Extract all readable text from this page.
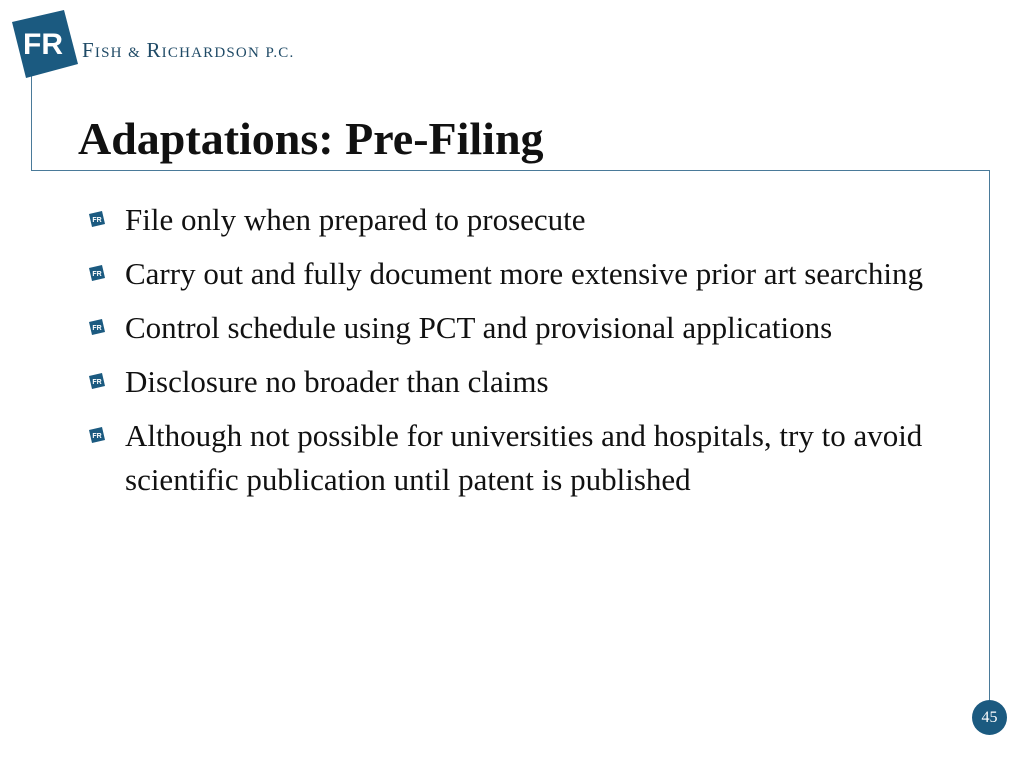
FR FISH & RICHARDSON P.C.
Adaptations: Pre-Filing
FR File only when prepared to prosecute
FR Carry out and fully document more extensive prior art searching
FR Control schedule using PCT and provisional applications
FR Disclosure no broader than claims
FR Although not possible for universities and hospitals, try to avoid scientific publication until patent is published
45
